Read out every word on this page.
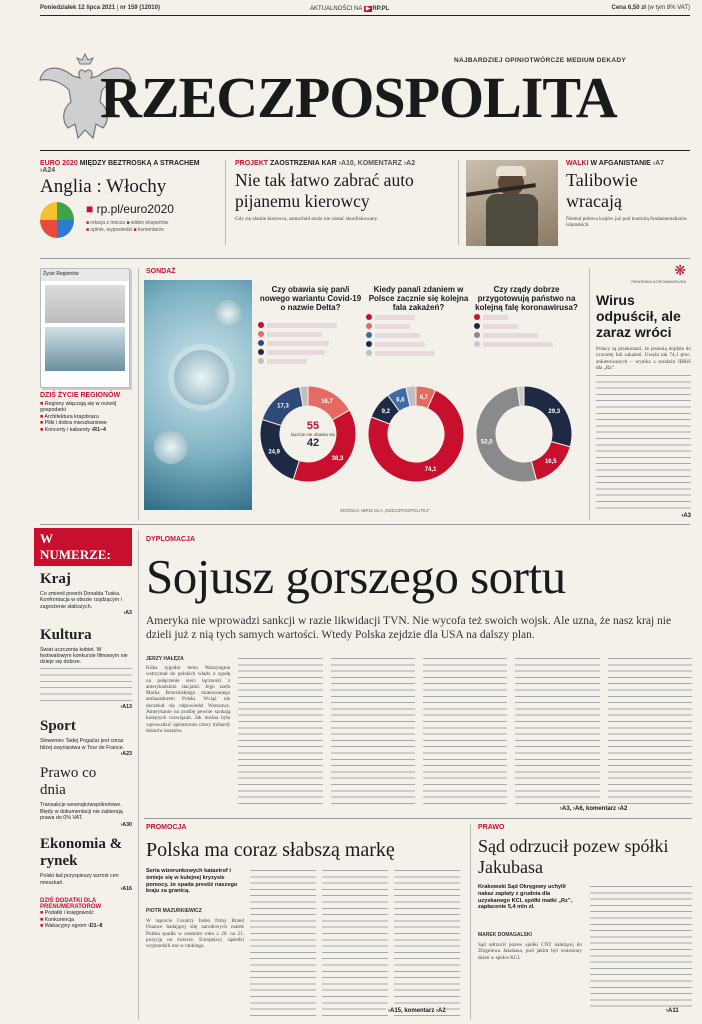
Poniedziałek 12 lipca 2021 | nr 159 (12010)	AKTUALNOŚCI NA ▶ RP.PL	Cena 6,50 zł (w tym 8% VAT)
NAJBARDZIEJ OPINIOTWÓRCZE MEDIUM DEKADY
RZECZPOSPOLITA
EURO 2020 MIĘDZY BEZTROSKĄ A STRACHEM ›A24
Anglia : Włochy
■ rp.pl/euro2020
■ relacja z meczu ■ wideo ekspertów
■ opinie, wypowiedzi ■ komentarze
PROJEKT ZAOSTRZENIA KAR ›A10, KOMENTARZ ›A2
Nie tak łatwo zabrać auto pijanemu kierowcy
Gdy się złamie kierowca, samochód może nie zostać skonfiskowany.
WALKI W AFGANISTANIE ›A7
Talibowie wracają
Niemal połowa krajów już pod kontrolą fundamentalistów islamskich.
Życie Regionów
DZIŚ ŻYCIE REGIONÓW
■ Regiony włączają się w rozwój gospodarki
■ Architektura krajobrazu
■ Piłki i dobra mieszkaniowe
■ Koncerty i kabarety ›R1–4
SONDAŻ
Czy obawia się pan/i nowego wariantu Covid-19 o nazwie Delta?
Kiedy pana/i zdaniem w Polsce zacznie się kolejna fala zakażeń?
Czy rządy dobrze przygotowują państwo na kolejną falę koronawirusa?
16,7
38,3
24,9
17,3
6,7
74,1
9,2
6,6
29,3
16,5
52,0
55
łącznie nie obawia się
42
ŹRÓDŁO: IBRIS DLA „RZECZPOSPOLITEJ”
❋
PANDEMIA KORONAWIRUSA
Wirus odpuścił, ale zaraz wróci
Polacy są przekonani, że jesienią dojdzie do czwartej fali zakażeń. Uważa tak 74,1 proc. ankietowanych – wynika z sondażu IBRiS dla „Rz”.
›A3
W NUMERZE:
Kraj
Co zmienił powrót Donalda Tuska. Konfrontacja w obozie rządzącym i zagrożenie słabszych.
›A3
Kultura
Świat uczczenia kobiet. W festiwalowym konkursie filmowym nie dzieje się dobrze.
›A13
Sport
Słoweniec Tadej Pogačar jest coraz bliżej zwycięstwa w Tour de France.
›A23
Prawo co dnia
Transakcje wewnątrzwspólnotowe. Błędy w dokumentacji nie zabierają prawa do 0% VAT.
›A30
Ekonomia & rynek
Polski ład przyspieszy wzrost cen mieszkań.
›A16
DZIŚ DODATKI DLA PRENUMERATORÓW
■ Podatki i księgowość
■ Konkurencja
■ Wakacyjny ogrom ›D1–8
DYPLOMACJA
Sojusz gorszego sortu
Ameryka nie wprowadzi sankcji w razie likwidacji TVN. Nie wycofa też swoich wojsk. Ale uzna, że nasz kraj nie dzieli już z nią tych samych wartości. Wtedy Polska zejdzie dla USA na dalszy plan.
JERZY HAŁĘZA
Kilka tygodni temu Waszyngton wstrzymał do polskich władz o zgodę na połączenie sieci łączności z amerykańskim stacjami. Jego szefa Marka Brzezińskiego mianowanego ambasadorem Polski. Wciąż nie doczekał się odpowiedzi Warszawy. Amerykanie na prośbę pewnie szukają kolejnych rozwiązań. Jak można było wprowadzić operatorom cztery miliardy dolarów kosztów.
›A3, ›A6, komentarz ›A2
PROMOCJA
Polska ma coraz słabszą markę
Seria wizerunkowych katastrof i śmieje się w kulejnej kryzysie pomocy, że spada prestiż naszego kraju za granicą.
PIOTR MAZURKIEWICZ
W raporcie Country Index firmy Brand Finance badającej siłę narodowych marek Polska spadła w ostatnim roku z 20. na 21. pozycję na świecie. Europejscy sąsiedzi wyprzedzili nas w rankingu.
›A15, komentarz ›A2
PRAWO
Sąd odrzucił pozew spółki Jakubasa
Krakowski Sąd Okręgowy uchylił nakaz zapłaty z grudnia dla uzyskanego KCI, spółki matki „Rz”, zapłacenie 5,4 mln zł.
MAREK DOMAGALSKI
Sąd odrzucił pozew spółki CNT należącej do Zbigniewa Jakubasa, pod jakim był wniesiony dzień w spółce KCI.
›A11
